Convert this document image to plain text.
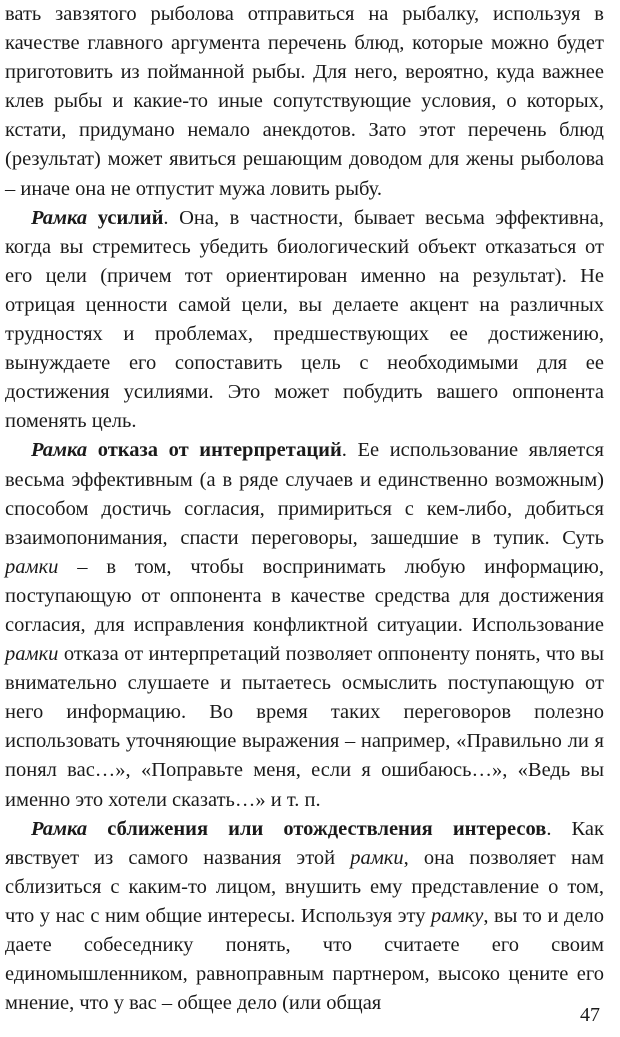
вать завзятого рыболова отправиться на рыбалку, используя в качестве главного аргумента перечень блюд, которые можно будет приготовить из пойманной рыбы. Для него, вероятно, куда важнее клев рыбы и какие-то иные сопутствующие условия, о которых, кстати, придумано немало анекдотов. Зато этот перечень блюд (результат) может явиться решающим доводом для жены рыболова – иначе она не отпустит мужа ловить рыбу.

Рамка усилий. Она, в частности, бывает весьма эффективна, когда вы стремитесь убедить биологический объект отказаться от его цели (причем тот ориентирован именно на результат). Не отрицая ценности самой цели, вы делаете акцент на различных трудностях и проблемах, предшествующих ее достижению, вынуждаете его сопоставить цель с необходимыми для ее достижения усилиями. Это может побудить вашего оппонента поменять цель.

Рамка отказа от интерпретаций. Ее использование является весьма эффективным (а в ряде случаев и единственно возможным) способом достичь согласия, примириться с кем-либо, добиться взаимопонимания, спасти переговоры, зашедшие в тупик. Суть рамки – в том, чтобы воспринимать любую информацию, поступающую от оппонента в качестве средства для достижения согласия, для исправления конфликтной ситуации. Использование рамки отказа от интерпретаций позволяет оппоненту понять, что вы внимательно слушаете и пытаетесь осмыслить поступающую от него информацию. Во время таких переговоров полезно использовать уточняющие выражения – например, «Правильно ли я понял вас…», «Поправьте меня, если я ошибаюсь…», «Ведь вы именно это хотели сказать…» и т. п.

Рамка сближения или отождествления интересов. Как явствует из самого названия этой рамки, она позволяет нам сблизиться с каким-то лицом, внушить ему представление о том, что у нас с ним общие интересы. Используя эту рамку, вы то и дело даете собеседнику понять, что считаете его своим единомышленником, равноправным партнером, высоко цените его мнение, что у вас – общее дело (или общая

47
